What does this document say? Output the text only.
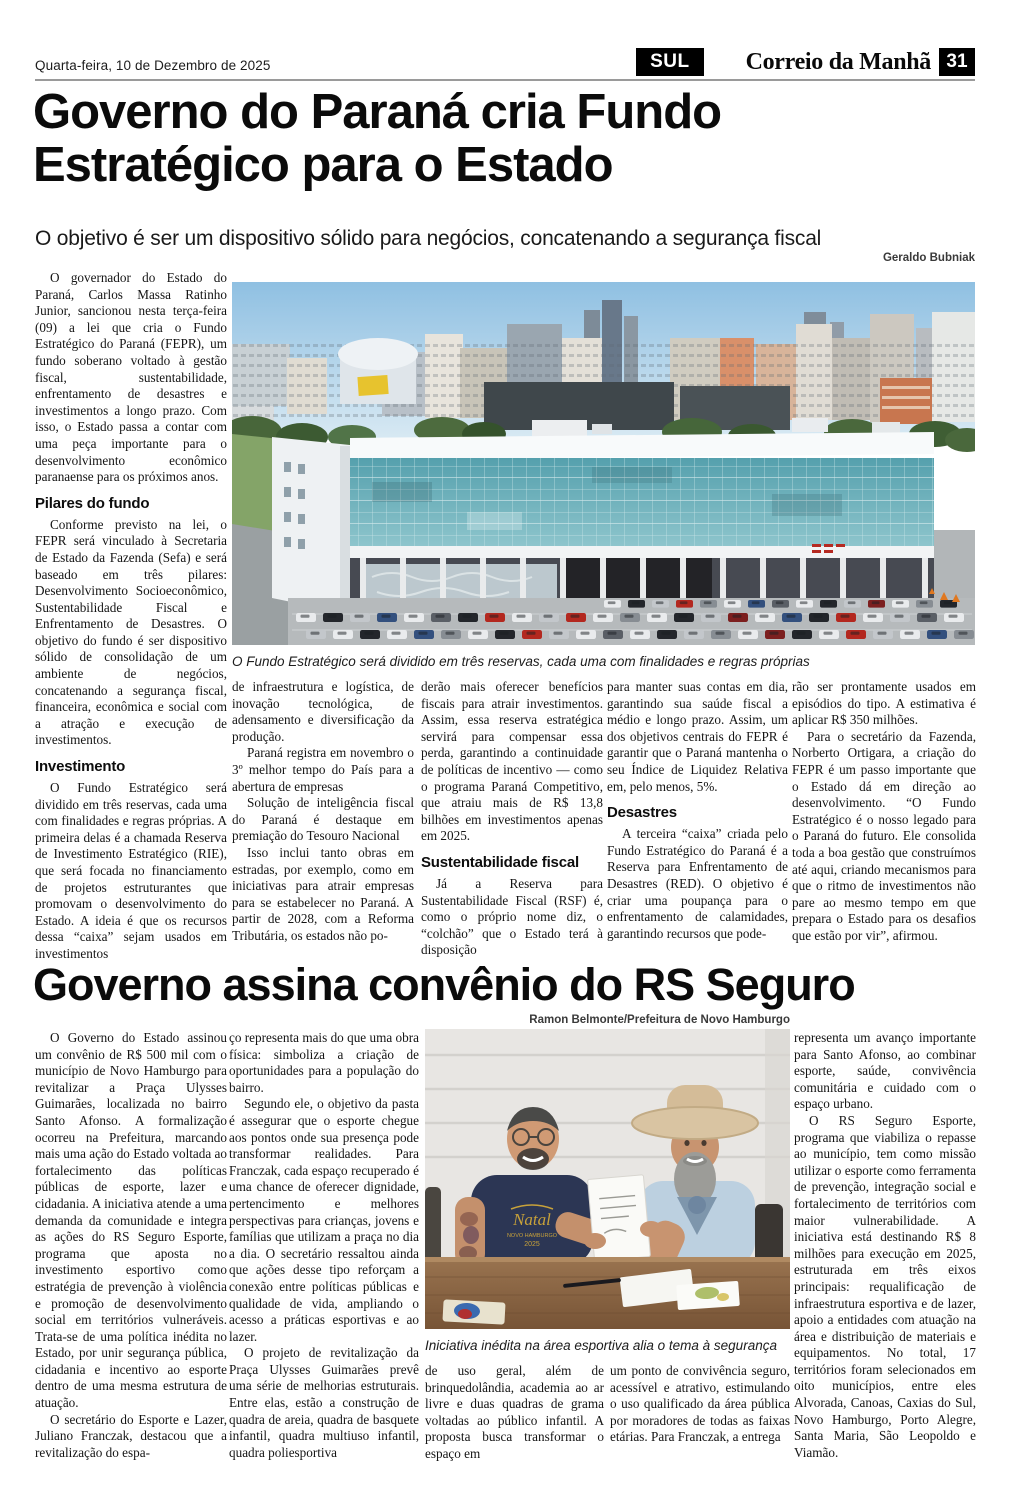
Quarta-feira, 10 de Dezembro de 2025	SUL	Correio da Manhã 31
Governo do Paraná cria Fundo
Estratégico para o Estado
O objetivo é ser um dispositivo sólido para negócios, concatenando a segurança fiscal
Geraldo Bubniak

O governador do Estado do Paraná, Carlos Massa Ratinho Junior, sancionou nesta terça-feira (09) a lei que cria o Fundo Estratégico do Paraná (FEPR), um fundo soberano voltado à gestão fiscal, sustentabilidade, enfrentamento de desastres e investimentos a longo prazo. Com isso, o Estado passa a contar com uma peça importante para o desenvolvimento econômico paranaense para os próximos anos.

Pilares do fundo

Conforme previsto na lei, o FEPR será vinculado à Secretaria de Estado da Fazenda (Sefa) e será baseado em três pilares: Desenvolvimento Socioeconômico, Sustentabilidade Fiscal e Enfrentamento de Desastres. O objetivo do fundo é ser dispositivo sólido de consolidação de um ambiente de negócios, concatenando a segurança fiscal, financeira, econômica e social com a atração e execução de investimentos.

Investimento

O Fundo Estratégico será dividido em três reservas, cada uma com finalidades e regras próprias. A primeira delas é a chamada Reserva de Investimento Estratégico (RIE), que será focada no financiamento de projetos estruturantes que promovam o desenvolvimento do Estado. A ideia é que os recursos dessa “caixa” sejam usados em investimentos

O Fundo Estratégico será dividido em três reservas, cada uma com finalidades e regras próprias

de infraestrutura e logística, de inovação tecnológica, de adensamento e diversificação da produção.

Paraná registra em novembro o 3º melhor tempo do País para a abertura de empresas

Solução de inteligência fiscal do Paraná é destaque em premiação do Tesouro Nacional

Isso inclui tanto obras em estradas, por exemplo, como em iniciativas para atrair empresas para se estabelecer no Paraná. A partir de 2028, com a Reforma Tributária, os estados não po-

derão mais oferecer benefícios fiscais para atrair investimentos. Assim, essa reserva estratégica servirá para compensar essa perda, garantindo a continuidade de políticas de incentivo — como o programa Paraná Competitivo, que atraiu mais de R$ 13,8 bilhões em investimentos apenas em 2025.

Sustentabilidade fiscal

Já a Reserva para Sustentabilidade Fiscal (RSF) é, como o próprio nome diz, o “colchão” que o Estado terá à disposição

para manter suas contas em dia, garantindo sua saúde fiscal a médio e longo prazo. Assim, um dos objetivos centrais do FEPR é garantir que o Paraná mantenha o seu Índice de Liquidez Relativa em, pelo menos, 5%.

Desastres

A terceira “caixa” criada pelo Fundo Estratégico do Paraná é a Reserva para Enfrentamento de Desastres (RED). O objetivo é criar uma poupança para o enfrentamento de calamidades, garantindo recursos que pode-

rão ser prontamente usados em episódios do tipo. A estimativa é aplicar R$ 350 milhões.

Para o secretário da Fazenda, Norberto Ortigara, a criação do FEPR é um passo importante que o Estado dá em direção ao desenvolvimento. “O Fundo Estratégico é o nosso legado para o Paraná do futuro. Ele consolida toda a boa gestão que construímos até aqui, criando mecanismos para que o ritmo de investimentos não pare ao mesmo tempo em que prepara o Estado para os desafios que estão por vir”, afirmou.

Governo assina convênio do RS Seguro
Ramon Belmonte/Prefeitura de Novo Hamburgo

O Governo do Estado assinou um convênio de R$ 500 mil com o município de Novo Hamburgo para revitalizar a Praça Ulysses Guimarães, localizada no bairro Santo Afonso. A formalização ocorreu na Prefeitura, marcando mais uma ação do Estado voltada ao fortalecimento das políticas públicas de esporte, lazer e cidadania. A iniciativa atende a uma demanda da comunidade e integra as ações do RS Seguro Esporte, programa que aposta no investimento esportivo como estratégia de prevenção à violência e promoção de desenvolvimento social em territórios vulneráveis. Trata-se de uma política inédita no Estado, por unir segurança pública, cidadania e incentivo ao esporte dentro de uma mesma estrutura de atuação.

O secretário do Esporte e Lazer, Juliano Franczak, destacou que a revitalização do espa-

ço representa mais do que uma obra física: simboliza a criação de oportunidades para a população do bairro.

Segundo ele, o objetivo da pasta é assegurar que o esporte chegue aos pontos onde sua presença pode transformar realidades. Para Franczak, cada espaço recuperado é uma chance de oferecer dignidade, pertencimento e melhores perspectivas para crianças, jovens e famílias que utilizam a praça no dia a dia. O secretário ressaltou ainda que ações desse tipo reforçam a conexão entre políticas públicas e qualidade de vida, ampliando o acesso a práticas esportivas e ao lazer.

O projeto de revitalização da Praça Ulysses Guimarães prevê uma série de melhorias estruturais. Entre elas, estão a construção de quadra de areia, quadra de basquete infantil, quadra multiuso infantil, quadra poliesportiva

Natal
NOVO HAMBURGO
2025
Iniciativa inédita na área esportiva alia o tema à segurança

de uso geral, além de brinquedolândia, academia ao ar livre e duas quadras de grama voltadas ao público infantil. A proposta busca transformar o espaço em

um ponto de convivência seguro, acessível e atrativo, estimulando o uso qualificado da área pública por moradores de todas as faixas etárias. Para Franczak, a entrega

representa um avanço importante para Santo Afonso, ao combinar esporte, saúde, convivência comunitária e cuidado com o espaço urbano.

O RS Seguro Esporte, programa que viabiliza o repasse ao município, tem como missão utilizar o esporte como ferramenta de prevenção, integração social e fortalecimento de territórios com maior vulnerabilidade. A iniciativa está destinando R$ 8 milhões para execução em 2025, estruturada em três eixos principais: requalificação de infraestrutura esportiva e de lazer, apoio a entidades com atuação na área e distribuição de materiais e equipamentos. No total, 17 territórios foram selecionados em oito municípios, entre eles Alvorada, Canoas, Caxias do Sul, Novo Hamburgo, Porto Alegre, Santa Maria, São Leopoldo e Viamão.
